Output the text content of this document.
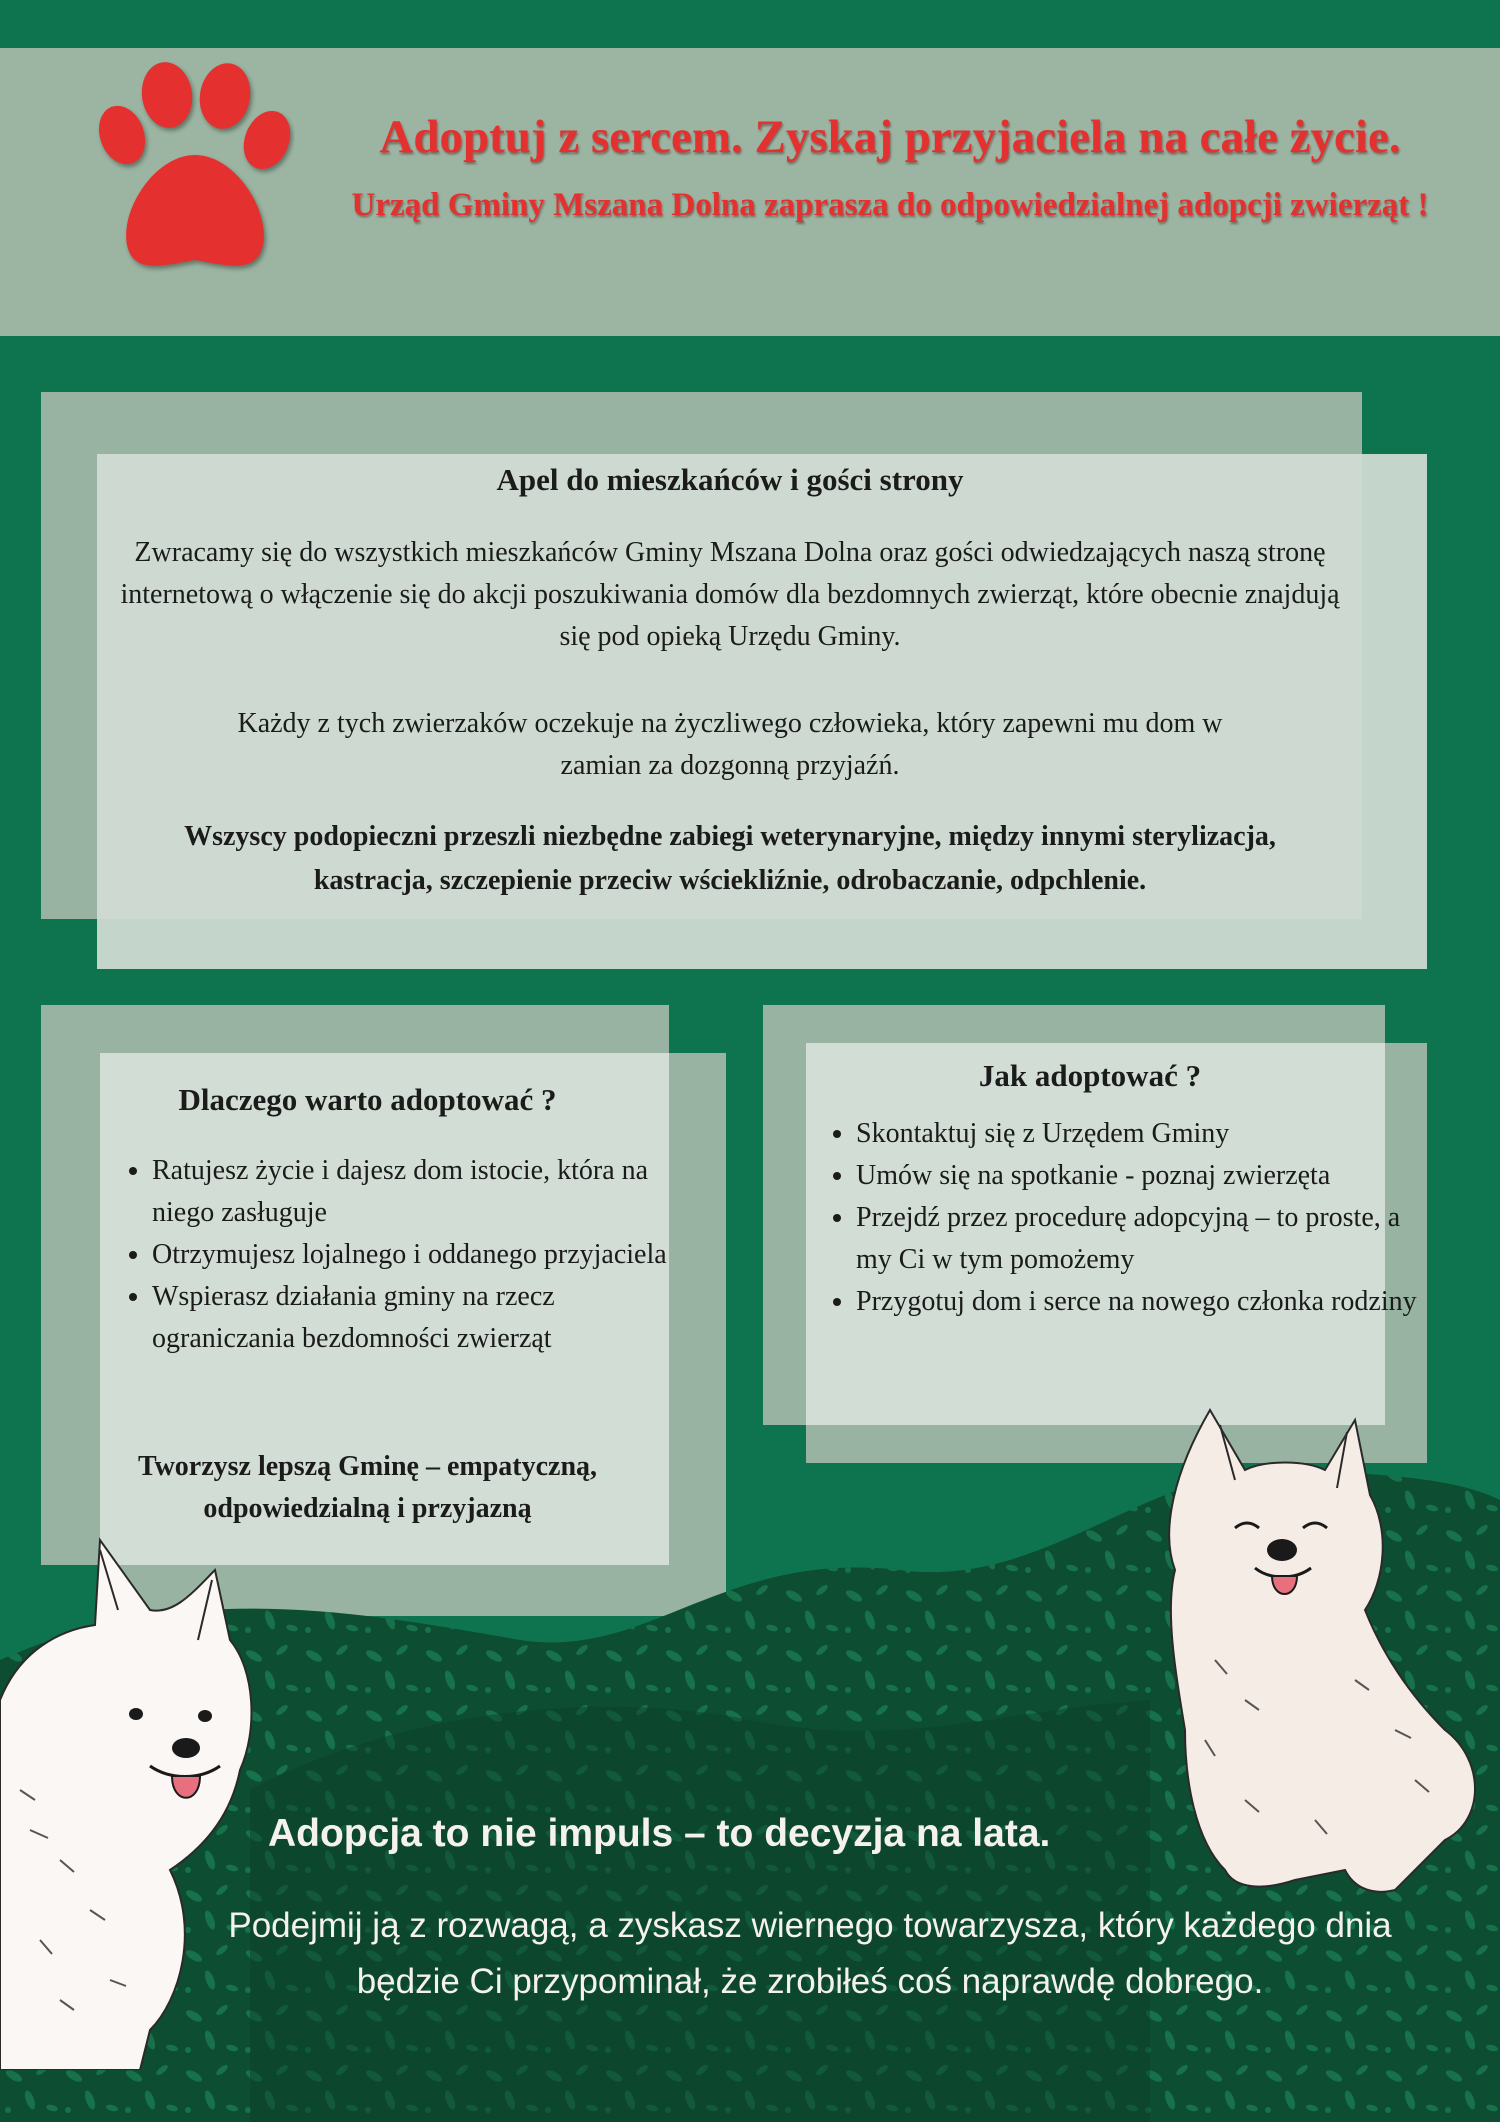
Adoptuj z sercem. Zyskaj przyjaciela na całe życie.

Urząd Gminy Mszana Dolna zaprasza do odpowiedzialnej adopcji zwierząt !

Apel do mieszkańców i gości strony

Zwracamy się do wszystkich mieszkańców Gminy Mszana Dolna oraz gości odwiedzających naszą stronę internetową o włączenie się do akcji poszukiwania domów dla bezdomnych zwierząt, które obecnie znajdują się pod opieką Urzędu Gminy.

Każdy z tych zwierzaków oczekuje na życzliwego człowieka, który zapewni mu dom w zamian za dozgonną przyjaźń.

Wszyscy podopieczni przeszli niezbędne zabiegi weterynaryjne, między innymi sterylizacja, kastracja, szczepienie przeciw wściekliźnie, odrobaczanie, odpchlenie.

Dlaczego warto adoptować ?

• Ratujesz życie i dajesz dom istocie, która na niego zasługuje
• Otrzymujesz lojalnego i oddanego przyjaciela
• Wspierasz działania gminy na rzecz ograniczania bezdomności zwierząt

Tworzysz lepszą Gminę – empatyczną, odpowiedzialną i przyjazną

Jak adoptować ?

• Skontaktuj się z Urzędem Gminy
• Umów się na spotkanie - poznaj zwierzęta
• Przejdź przez procedurę adopcyjną – to proste, a my Ci w tym pomożemy
• Przygotuj dom i serce na nowego członka rodziny

Adopcja to nie impuls – to decyzja na lata.

Podejmij ją z rozwagą, a zyskasz wiernego towarzysza, który każdego dnia będzie Ci przypominał, że zrobiłeś coś naprawdę dobrego.
